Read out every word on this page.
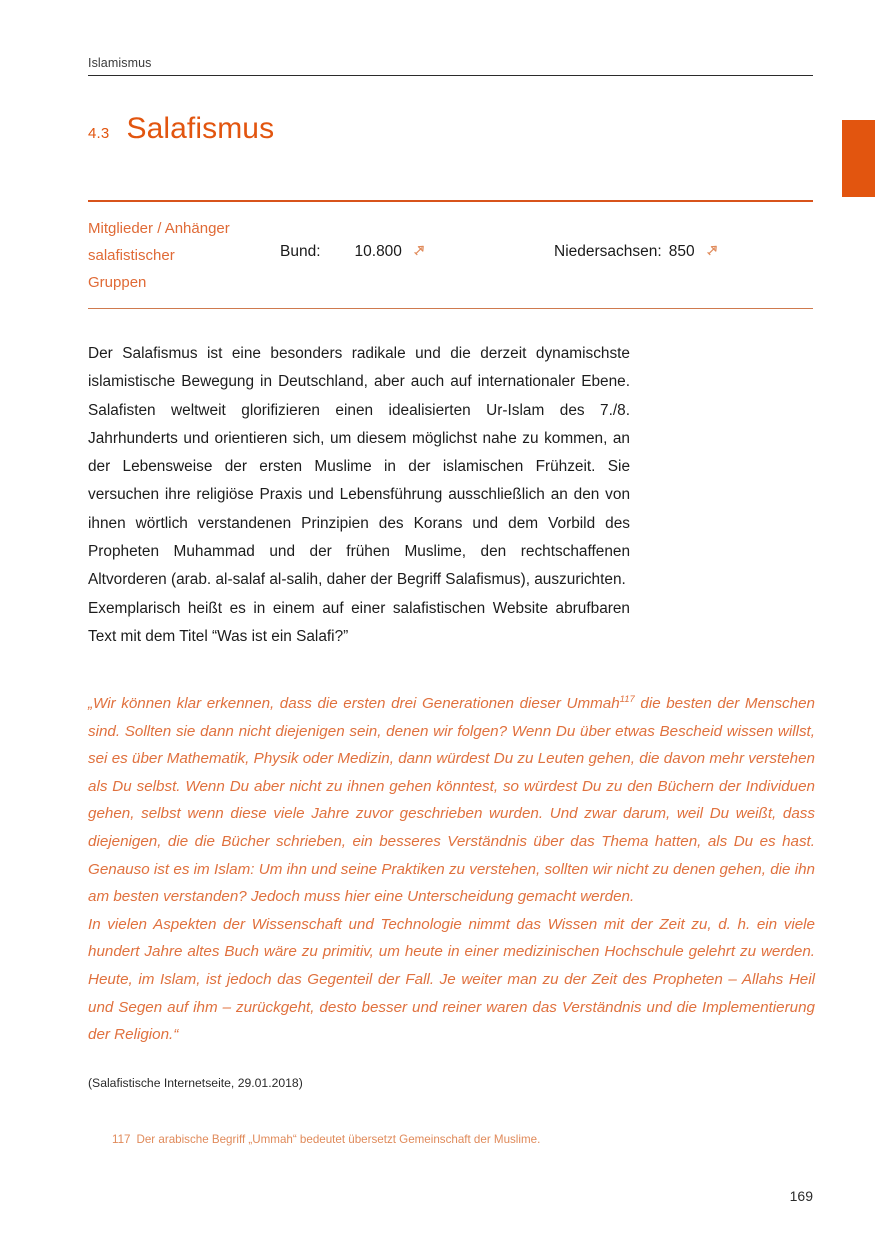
Islamismus
4.3 Salafismus
Mitglieder / Anhänger
salafistischer
Gruppen
Bund: 10.800	Niedersachsen: 850

Der Salafismus ist eine besonders radikale und die derzeit dynamischste islamistische Bewegung in Deutschland, aber auch auf internationaler Ebene. Salafisten weltweit glorifizieren einen idealisierten Ur-Islam des 7./8. Jahrhunderts und orientieren sich, um diesem möglichst nahe zu kommen, an der Lebensweise der ersten Muslime in der islamischen Frühzeit. Sie versuchen ihre religiöse Praxis und Lebensführung ausschließlich an den von ihnen wörtlich verstandenen Prinzipien des Korans und dem Vorbild des Propheten Muhammad und der frühen Muslime, den rechtschaffenen Altvorderen (arab. al-salaf al-salih, daher der Begriff Salafismus), auszurichten.

Exemplarisch heißt es in einem auf einer salafistischen Website abrufbaren Text mit dem Titel “Was ist ein Salafi?”

„Wir können klar erkennen, dass die ersten drei Generationen dieser Ummah$^{117}$ die besten der Menschen sind. Sollten sie dann nicht diejenigen sein, denen wir folgen? Wenn Du über etwas Bescheid wissen willst, sei es über Mathematik, Physik oder Medizin, dann würdest Du zu Leuten gehen, die davon mehr verstehen als Du selbst. Wenn Du aber nicht zu ihnen gehen könntest, so würdest Du zu den Büchern der Individuen gehen, selbst wenn diese viele Jahre zuvor geschrieben wurden. Und zwar darum, weil Du weißt, dass diejenigen, die die Bücher schrieben, ein besseres Verständnis über das Thema hatten, als Du es hast. Genauso ist es im Islam: Um ihn und seine Praktiken zu verstehen, sollten wir nicht zu denen gehen, die ihn am besten verstanden? Jedoch muss hier eine Unterscheidung gemacht werden.

In vielen Aspekten der Wissenschaft und Technologie nimmt das Wissen mit der Zeit zu, d. h. ein viele hundert Jahre altes Buch wäre zu primitiv, um heute in einer medizinischen Hochschule gelehrt zu werden. Heute, im Islam, ist jedoch das Gegenteil der Fall. Je weiter man zu der Zeit des Propheten – Allahs Heil und Segen auf ihm – zurückgeht, desto besser und reiner waren das Verständnis und die Implementierung der Religion.“

(Salafistische Internetseite, 29.01.2018)
117 Der arabische Begriff „Ummah“ bedeutet übersetzt Gemeinschaft der Muslime.
169
